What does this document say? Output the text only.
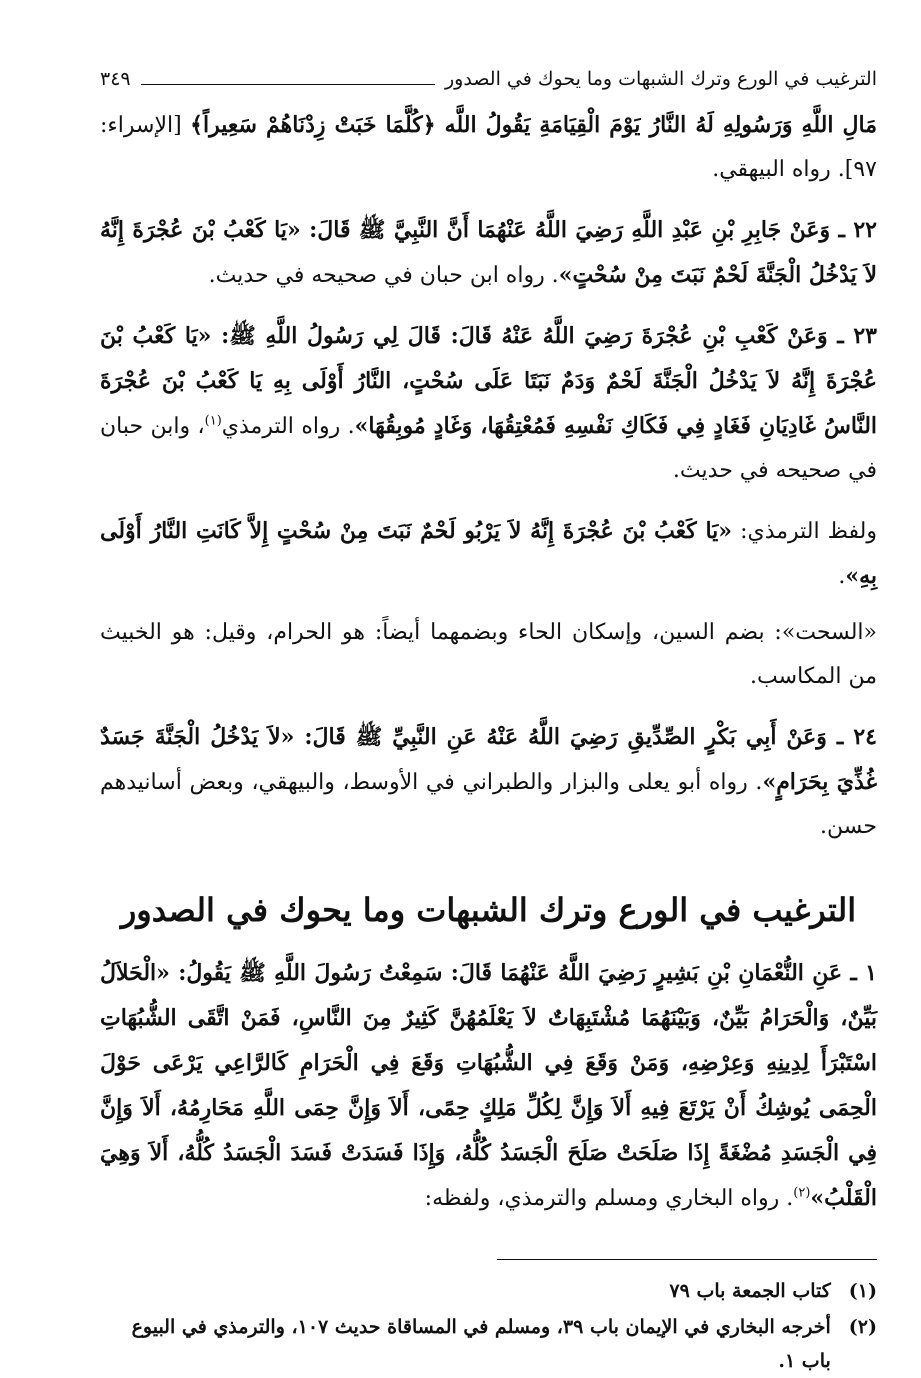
الترغيب في الورع وترك الشبهات وما يحوك في الصدور
٣٤٩

مَالِ اللَّهِ وَرَسُولِهِ لَهُ النَّارُ يَوْمَ الْقِيَامَةِ يَقُولُ اللَّه ﴿كُلَّمَا خَبَتْ زِدْنَاهُمْ سَعِيراً﴾ [الإسراء: ٩٧]. رواه البيهقي.

٢٢ ـ وَعَنْ جَابِرِ بْنِ عَبْدِ اللَّهِ رَضِيَ اللَّهُ عَنْهُمَا أَنَّ النَّبِيَّ ﷺ قَالَ: «يَا كَعْبُ بْنَ عُجْرَةَ إِنَّهُ لاَ يَدْخُلُ الْجَنَّةَ لَحْمٌ نَبَتَ مِنْ سُحْتٍ». رواه ابن حبان في صحيحه في حديث.

٢٣ ـ وَعَنْ كَعْبِ بْنِ عُجْرَةَ رَضِيَ اللَّهُ عَنْهُ قَالَ: قَالَ لِي رَسُولُ اللَّهِ ﷺ: «يَا كَعْبُ بْنَ عُجْرَةَ إِنَّهُ لاَ يَدْخُلُ الْجَنَّةَ لَحْمٌ وَدَمٌ نَبَتَا عَلَى سُحْتٍ، النَّارُ أَوْلَى بِهِ يَا كَعْبُ بْنَ عُجْرَةَ النَّاسُ غَادِيَانِ فَغَادٍ فِي فَكَاكِ نَفْسِهِ فَمُعْتِقُهَا، وَغَادٍ مُوبِقُهَا». رواه الترمذي$^{(١)}$، وابن حبان في صحيحه في حديث.

ولفظ الترمذي: «يَا كَعْبُ بْنَ عُجْرَةَ إِنَّهُ لاَ يَرْبُو لَحْمٌ نَبَتَ مِنْ سُحْتٍ إِلاَّ كَانَتِ النَّارُ أَوْلَى بِهِ».

«السحت»: بضم السين، وإسكان الحاء وبضمهما أيضاً: هو الحرام، وقيل: هو الخبيث من المكاسب.

٢٤ ـ وَعَنْ أَبِي بَكْرٍ الصِّدِّيقِ رَضِيَ اللَّهُ عَنْهُ عَنِ النَّبِيِّ ﷺ قَالَ: «لاَ يَدْخُلُ الْجَنَّةَ جَسَدٌ غُذِّيَ بِحَرَامٍ». رواه أبو يعلى والبزار والطبراني في الأوسط، والبيهقي، وبعض أسانيدهم حسن.

الترغيب في الورع وترك الشبهات وما يحوك في الصدور

١ ـ عَنِ النُّعْمَانِ بْنِ بَشِيرٍ رَضِيَ اللَّهُ عَنْهُمَا قَالَ: سَمِعْتُ رَسُولَ اللَّهِ ﷺ يَقُولُ: «الْحَلاَلُ بَيِّنٌ، وَالْحَرَامُ بَيِّنٌ، وَبَيْنَهُمَا مُشْتَبِهَاتٌ لاَ يَعْلَمُهُنَّ كَثِيرٌ مِنَ النَّاسِ، فَمَنْ اتَّقَى الشُّبُهَاتِ اسْتَبْرَأَ لِدِينِهِ وَعِرْضِهِ، وَمَنْ وَقَعَ فِي الشُّبُهَاتِ وَقَعَ فِي الْحَرَامِ كَالرَّاعِي يَرْعَى حَوْلَ الْحِمَى يُوشِكُ أَنْ يَرْتَعَ فِيهِ أَلاَ وَإِنَّ لِكُلِّ مَلِكٍ حِمًى، أَلاَ وَإِنَّ حِمَى اللَّهِ مَحَارِمُهُ، أَلاَ وَإِنَّ فِي الْجَسَدِ مُضْغَةً إِذَا صَلَحَتْ صَلَحَ الْجَسَدُ كُلُّهُ، وَإِذَا فَسَدَتْ فَسَدَ الْجَسَدُ كُلُّهُ، أَلاَ وَهِيَ الْقَلْبُ»$^{(٢)}$. رواه البخاري ومسلم والترمذي، ولفظه:

(١)
كتاب الجمعة باب ٧٩
(٢)
أخرجه البخاري في الإيمان باب ٣٩، ومسلم في المساقاة حديث ١٠٧، والترمذي في البيوع باب ١.
